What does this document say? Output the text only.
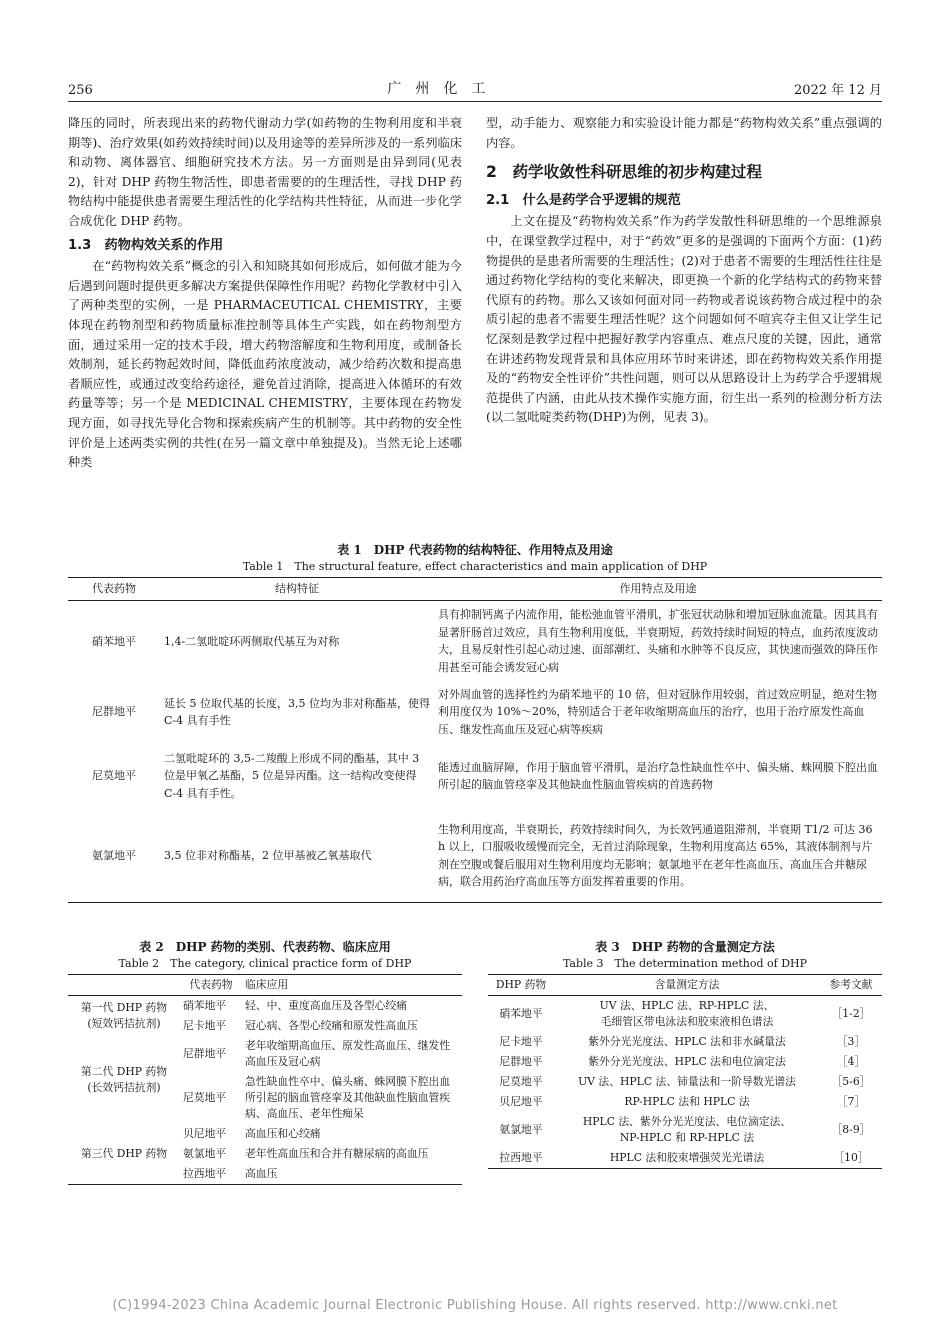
256	广州化工	2022 年 12 月

降压的同时，所表现出来的药物代谢动力学(如药物的生物利用度和半衰期等)、治疗效果(如药效持续时间)以及用途等的差异所涉及的一系列临床和动物、离体器官、细胞研究技术方法。另一方面则是由异到同(见表 2)，针对 DHP 药物生物活性，即患者需要的的生理活性，寻找 DHP 药物结构中能提供患者需要生理活性的化学结构共性特征，从而进一步化学合成优化 DHP 药物。

1.3　药物构效关系的作用

在“药物构效关系”概念的引入和知晓其如何形成后，如何做才能为今后遇到问题时提供更多解决方案提供保障性作用呢？药物化学教材中引入了两种类型的实例，一是 PHARMACEUTICAL CHEMISTRY，主要体现在药物剂型和药物质量标准控制等具体生产实践，如在药物剂型方面，通过采用一定的技术手段，增大药物溶解度和生物利用度，或制备长效制剂，延长药物起效时间，降低血药浓度波动，减少给药次数和提高患者顺应性，或通过改变给药途径，避免首过消除，提高进入体循环的有效药量等等；另一个是 MEDICINAL CHEMISTRY，主要体现在药物发现方面，如寻找先导化合物和探索疾病产生的机制等。其中药物的安全性评价是上述两类实例的共性(在另一篇文章中单独提及)。当然无论上述哪种类

型，动手能力、观察能力和实验设计能力都是“药物构效关系”重点强调的内容。

2　药学收敛性科研思维的初步构建过程
2.1　什么是药学合乎逻辑的规范

上文在提及“药物构效关系”作为药学发散性科研思维的一个思维源泉中，在课堂教学过程中，对于“药效”更多的是强调的下面两个方面：(1)药物提供的是患者所需要的生理活性；(2)对于患者不需要的生理活性往往是通过药物化学结构的变化来解决，即更换一个新的化学结构式的药物来替代原有的药物。那么又该如何面对同一药物或者说该药物合成过程中的杂质引起的患者不需要生理活性呢？这个问题如何不喧宾夺主但又让学生记忆深刻是教学过程中把握好教学内容重点、难点尺度的关键，因此，通常在讲述药物发现背景和具体应用环节时来讲述，即在药物构效关系作用提及的“药物安全性评价”共性问题，则可以从思路设计上为药学合乎逻辑规范提供了内涵，由此从技术操作实施方面，衍生出一系列的检测分析方法(以二氢吡啶类药物(DHP)为例，见表 3)。

表 1　DHP 代表药物的结构特征、作用特点及用途
Table 1　The structural feature, effect characteristics and main application of DHP
代表药物	结构特征	作用特点及用途
硝苯地平	1,4-二氢吡啶环两侧取代基互为对称	具有抑制钙离子内流作用，能松弛血管平滑肌，扩张冠状动脉和增加冠脉血流量。因其具有显著肝肠首过效应，具有生物利用度低，半衰期短，药效持续时间短的特点，血药浓度波动大，且易反射性引起心动过速、面部潮红、头痛和水肿等不良反应，其快速而强效的降压作用甚至可能会诱发冠心病
尼群地平	延长 5 位取代基的长度，3,5 位均为非对称酯基，使得 C-4 具有手性	对外周血管的选择性约为硝苯地平的 10 倍，但对冠脉作用较弱，首过效应明显，绝对生物利用度仅为 10%～20%，特别适合于老年收缩期高血压的治疗，也用于治疗原发性高血压、继发性高血压及冠心病等疾病
尼莫地平	二氢吡啶环的 3,5-二羧酸上形成不同的酯基，其中 3 位是甲氧乙基酯，5 位是异丙酯。这一结构改变使得 C-4 具有手性。	能透过血脑屏障，作用于脑血管平滑肌，是治疗急性缺血性卒中、偏头痛、蛛网膜下腔出血所引起的脑血管痉挛及其他缺血性脑血管疾病的首选药物
氨氯地平	3,5 位非对称酯基，2 位甲基被乙氧基取代	生物利用度高，半衰期长，药效持续时间久，为长效钙通道阻滞剂，半衰期 T1/2 可达 36 h 以上，口服吸收缓慢而完全，无首过消除现象，生物利用度高达 65%，其液体制剂与片剂在空腹或餐后服用对生物利用度均无影响；氨氯地平在老年性高血压、高血压合并糖尿病，联合用药治疗高血压等方面发挥着重要的作用。
表 2　DHP 药物的类别、代表药物、临床应用
Table 2　The category, clinical practice form of DHP
	代表药物	临床应用
第一代 DHP 药物
(短效钙拮抗剂)	硝苯地平	轻、中、重度高血压及各型心绞痛
	尼卡地平	冠心病、各型心绞痛和原发性高血压
第二代 DHP 药物
(长效钙拮抗剂)	尼群地平	老年收缩期高血压、原发性高血压、继发性高血压及冠心病
	尼莫地平	急性缺血性卒中、偏头痛、蛛网膜下腔出血所引起的脑血管痉挛及其他缺血性脑血管疾病、高血压、老年性痴呆
第三代 DHP 药物	贝尼地平	高血压和心绞痛
	氨氯地平	老年性高血压和合并有糖尿病的高血压
	拉西地平	高血压
表 3　DHP 药物的含量测定方法
Table 3　The determination method of DHP
DHP 药物	含量测定方法	参考文献
硝苯地平	UV 法、HPLC 法、RP-HPLC 法、
毛细管区带电泳法和胶束液相色谱法	［1-2］
尼卡地平	紫外分光光度法、HPLC 法和非水碱量法	［3］
尼群地平	紫外分光光度法、HPLC 法和电位滴定法	［4］
尼莫地平	UV 法、HPLC 法、铈量法和一阶导数光谱法	［5-6］
贝尼地平	RP-HPLC 法和 HPLC 法	［7］
氨氯地平	HPLC 法、紫外分光光度法、电位滴定法、
NP-HPLC 和 RP-HPLC 法	［8-9］
拉西地平	HPLC 法和胶束增强荧光光谱法	［10］
(C)1994-2023 China Academic Journal Electronic Publishing House. All rights reserved. http://www.cnki.net
